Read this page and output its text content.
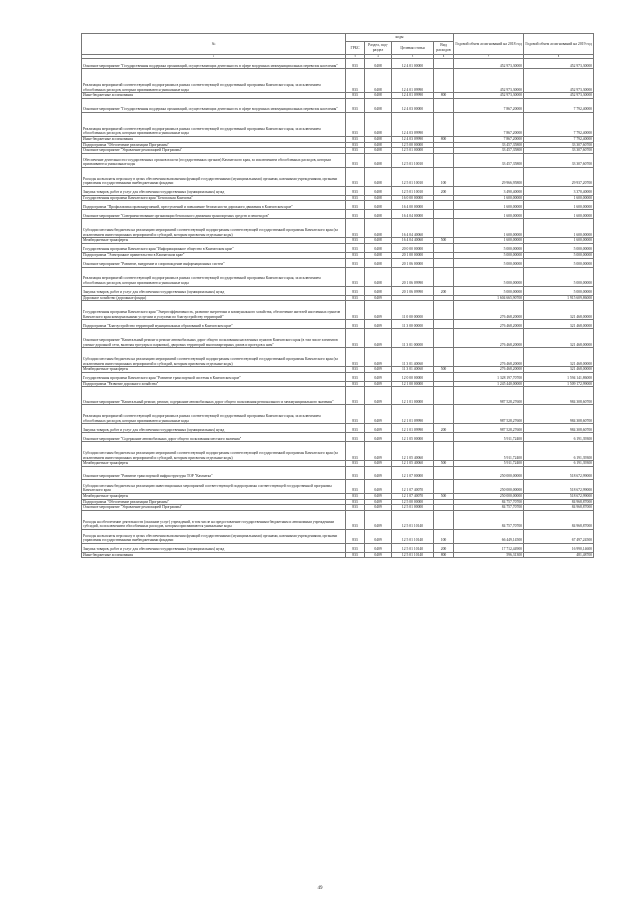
№	коды				Годовой объем ассигнований на 2018 год	Годовой объем ассигнований на 2019 год
	ГРБС	Раздел, под-раздел	Целевая статья	Вид расходов		
1	3	4	5	6	7	8
Основное мероприятие "Государственная поддержка организаций, осуществляющих деятельность в сфере воздушных межмуниципальных перевозок населения"	833	0408	12 4 01 00000		452 973,30000	452 973,30000
Реализация мероприятий соответствующей подпрограммы в рамках соответствующей государственной программы Камчатского края, за исключением обособленных расходов, которым присваиваются уникальные коды	833	0408	12 4 01 09990		452 973,30000	452 973,30000
Иные бюджетные ассигнования	833	0408	12 4 01 09990	800	452 973,30000	452 973,30000
Основное мероприятие "Государственная поддержка организаций, осуществляющих деятельность в сфере воздушных межмуниципальных перевозок населения"	833	0408	12 4 03 00000		7 867,20000	7 792,40000
Реализация мероприятий соответствующей подпрограммы в рамках соответствующей государственной программы Камчатского края, за исключением обособленных расходов, которым присваиваются уникальные коды	833	0408	12 4 03 09990		7 867,20000	7 792,40000
Иные бюджетные ассигнования	833	0408	12 4 03 09990	800	7 867,20000	7 792,40000
Подпрограмма "Обеспечение реализации Программы"	833	0408	12 5 00 00000		33 457,35800	33 307,60700
Основное мероприятие "Управление реализацией Программы"	833	0408	12 5 01 00000		33 457,35800	33 307,60700
Обеспечение деятельности государственных органов власти (государственных органов) Камчатского края, за исключением обособленных расходов, которым присваиваются уникальные коды	833	0408	12 5 01 10010		33 457,35800	33 307,60700
Расходы на выплаты персоналу в целях обеспечения выполнения функций государственными (муниципальными) органами, казенными учреждениями, органами управления государственными внебюджетными фондами	833	0408	12 5 01 10010	100	29 966,95800	29 937,20700
Закупка товаров, работ и услуг для обеспечения государственных (муниципальных) нужд	833	0408	12 5 01 10010	200	3 490,40000	3 370,40000
Государственная программа Камчатского края "Безопасная Камчатка"	833	0408	16 0 00 00000		1 600,00000	1 600,00000
Подпрограмма "Профилактика правонарушений, преступлений и повышение безопасности дорожного движения в Камчатском крае"	833	0408	16 4 00 00000		1 600,00000	1 600,00000
Основное мероприятие "Совершенствование организации безопасного движения транспортных средств и пешеходов"	833	0408	16 4 04 00000		1 600,00000	1 600,00000
Субсидии местным бюджетам на реализацию мероприятий соответствующей подпрограммы соответствующей государственной программы Камчатского края (за исключением инвестиционных мероприятий и субсидий, которым присвоены отдельные коды)	833	0408	16 4 04 40060		1 600,00000	1 600,00000
Межбюджетные трансферты	833	0408	16 4 04 40060	500	1 600,00000	1 600,00000
Государственная программа Камчатского края "Информационное общество в Камчатском крае"	833	0408	20 0 00 00000		5 000,00000	5 000,00000
Подпрограмма "Электронное правительство в Камчатском крае"	833	0408	20 1 00 00000		5 000,00000	5 000,00000
Основное мероприятие "Развитие, внедрение и сопровождение информационных систем"	833	0408	20 1 06 00000		5 000,00000	5 000,00000
Реализация мероприятий соответствующей подпрограммы в рамках соответствующей государственной программы Камчатского края, за исключением обособленных расходов, которым присваиваются уникальные коды	833	0408	20 1 06 09990		5 000,00000	5 000,00000
Закупка товаров, работ и услуг для обеспечения государственных (муниципальных) нужд	833	0408	20 1 06 09990	200	5 000,00000	5 000,00000
Дорожное хозяйство (дорожные фонды)	833	0409			1 604 665,90700	1 915 609,86000
Государственная программа Камчатского края "Энергоэффективность, развитие энергетики и коммунального хозяйства, обеспечение жителей населенных пунктов Камчатского края коммунальными услугами и услугами по благоустройству территорий"	833	0409	11 0 00 00000		276 468,20000	321 468,00000
Подпрограмма "Благоустройство территорий муниципальных образований в Камчатском крае"	833	0409	11 3 00 00000		276 468,20000	321 468,00000
Основное мероприятие "Капитальный ремонт и ремонт автомобильных дорог общего пользования населенных пунктов Камчатского края (в том числе элементов улично-дорожной сети, включая тротуары и парковки), дворовых территорий многоквартирных домов и проездов к ним"	833	0409	11 3 01 00000		276 468,20000	321 468,00000
Субсидии местным бюджетам на реализацию мероприятий соответствующей подпрограммы соответствующей государственной программы Камчатского края (за исключением инвестиционных мероприятий и субсидий, которым присвоены отдельные коды)	833	0409	11 3 01 40060		276 468,20000	321 468,00000
Межбюджетные трансферты	833	0409	11 3 01 40060	500	276 468,20000	321 468,00000
Государственная программа Камчатского края "Развитие транспортной системы в Камчатском крае"	833	0409	12 0 00 00000		1 328 197,70700	1 594 141,86000
Подпрограмма "Развитие дорожного хозяйства"	833	0409	12 1 00 00000		1 245 440,00000	1 509 172,99000
Основное мероприятие "Капитальный ремонт, ремонт, содержание автомобильных дорог общего пользования регионального и межмуниципального значения"	833	0409	12 1 01 00000		987 528,27600	984 308,60700
Реализация мероприятий соответствующей подпрограммы в рамках соответствующей государственной программы Камчатского края, за исключением обособленных расходов, которым присваиваются уникальные коды	833	0409	12 1 01 09990		987 528,27600	984 308,60700
Закупка товаров, работ и услуг для обеспечения государственных (муниципальных) нужд	833	0409	12 1 01 09990	200	987 528,27600	984 308,60700
Основное мероприятие "Содержание автомобильных дорог общего пользования местного значения"	833	0409	12 1 05 00000		5 911,72400	6 191,39300
Субсидии местным бюджетам на реализацию мероприятий соответствующей подпрограммы соответствующей государственной программы Камчатского края (за исключением инвестиционных мероприятий и субсидий, которым присвоены отдельные коды)	833	0409	12 1 05 40060		5 911,72400	6 191,39300
Межбюджетные трансферты	833	0409	12 1 05 40060	500	5 911,72400	6 191,39300
Основное мероприятие "Развитие транспортной инфраструктуры ТОР "Камчатка"	833	0409	12 1 07 00000		250 000,00000	518 672,99000
Субсидии местным бюджетам на реализацию инвестиционных мероприятий соответствующей подпрограммы соответствующей государственной программы Камчатского края	833	0409	12 1 07 40070		250 000,00000	518 672,99000
Межбюджетные трансферты	833	0409	12 1 07 40070	500	250 000,00000	518 672,99000
Подпрограмма "Обеспечение реализации Программы"	833	0409	12 5 00 00000		84 757,70700	84 968,87000
Основное мероприятие "Управление реализацией Программы"	833	0409	12 5 01 00000		84 757,70700	84 968,87000
Расходы на обеспечение деятельности (оказание услуг) учреждений, в том числе на предоставление государственным бюджетным и автономным учреждениям субсидий, за исключением обособленных расходов, которым присваиваются уникальные коды	833	0409	12 5 01 10140		84 757,70700	84 968,87000
Расходы на выплаты персоналу в целях обеспечения выполнения функций государственными (муниципальными) органами, казенными учреждениями, органами управления государственными внебюджетными фондами	833	0409	12 5 01 10140	100	66 449,14500	67 497,24500
Закупка товаров, работ и услуг для обеспечения государственных (муниципальных) нужд	833	0409	12 5 01 10140	200	17 712,44900	16 990,14600
Иные бюджетные ассигнования	833	0409	12 5 01 10140	800	596,31300	481,48700
49
